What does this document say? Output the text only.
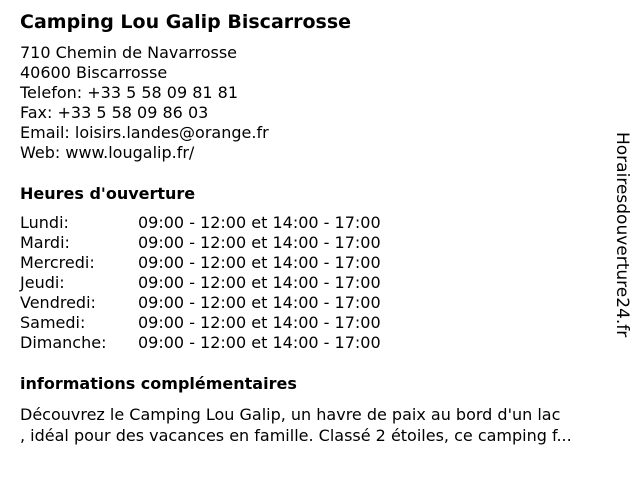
Camping Lou Galip Biscarrosse
710 Chemin de Navarrosse
40600 Biscarrosse
Telefon: +33 5 58 09 81 81
Fax: +33 5 58 09 86 03
Email: loisirs.landes@orange.fr
Web: www.lougalip.fr/
Heures d'ouverture
Lundi:	09:00 - 12:00 et 14:00 - 17:00
Mardi:	09:00 - 12:00 et 14:00 - 17:00
Mercredi:	09:00 - 12:00 et 14:00 - 17:00
Jeudi:	09:00 - 12:00 et 14:00 - 17:00
Vendredi:	09:00 - 12:00 et 14:00 - 17:00
Samedi:	09:00 - 12:00 et 14:00 - 17:00
Dimanche: 09:00 - 12:00 et 14:00 - 17:00
informations complémentaires
Découvrez le Camping Lou Galip, un havre de paix au bord d'un lac
, idéal pour des vacances en famille. Classé 2 étoiles, ce camping f...
Horairesdouverture24.fr
